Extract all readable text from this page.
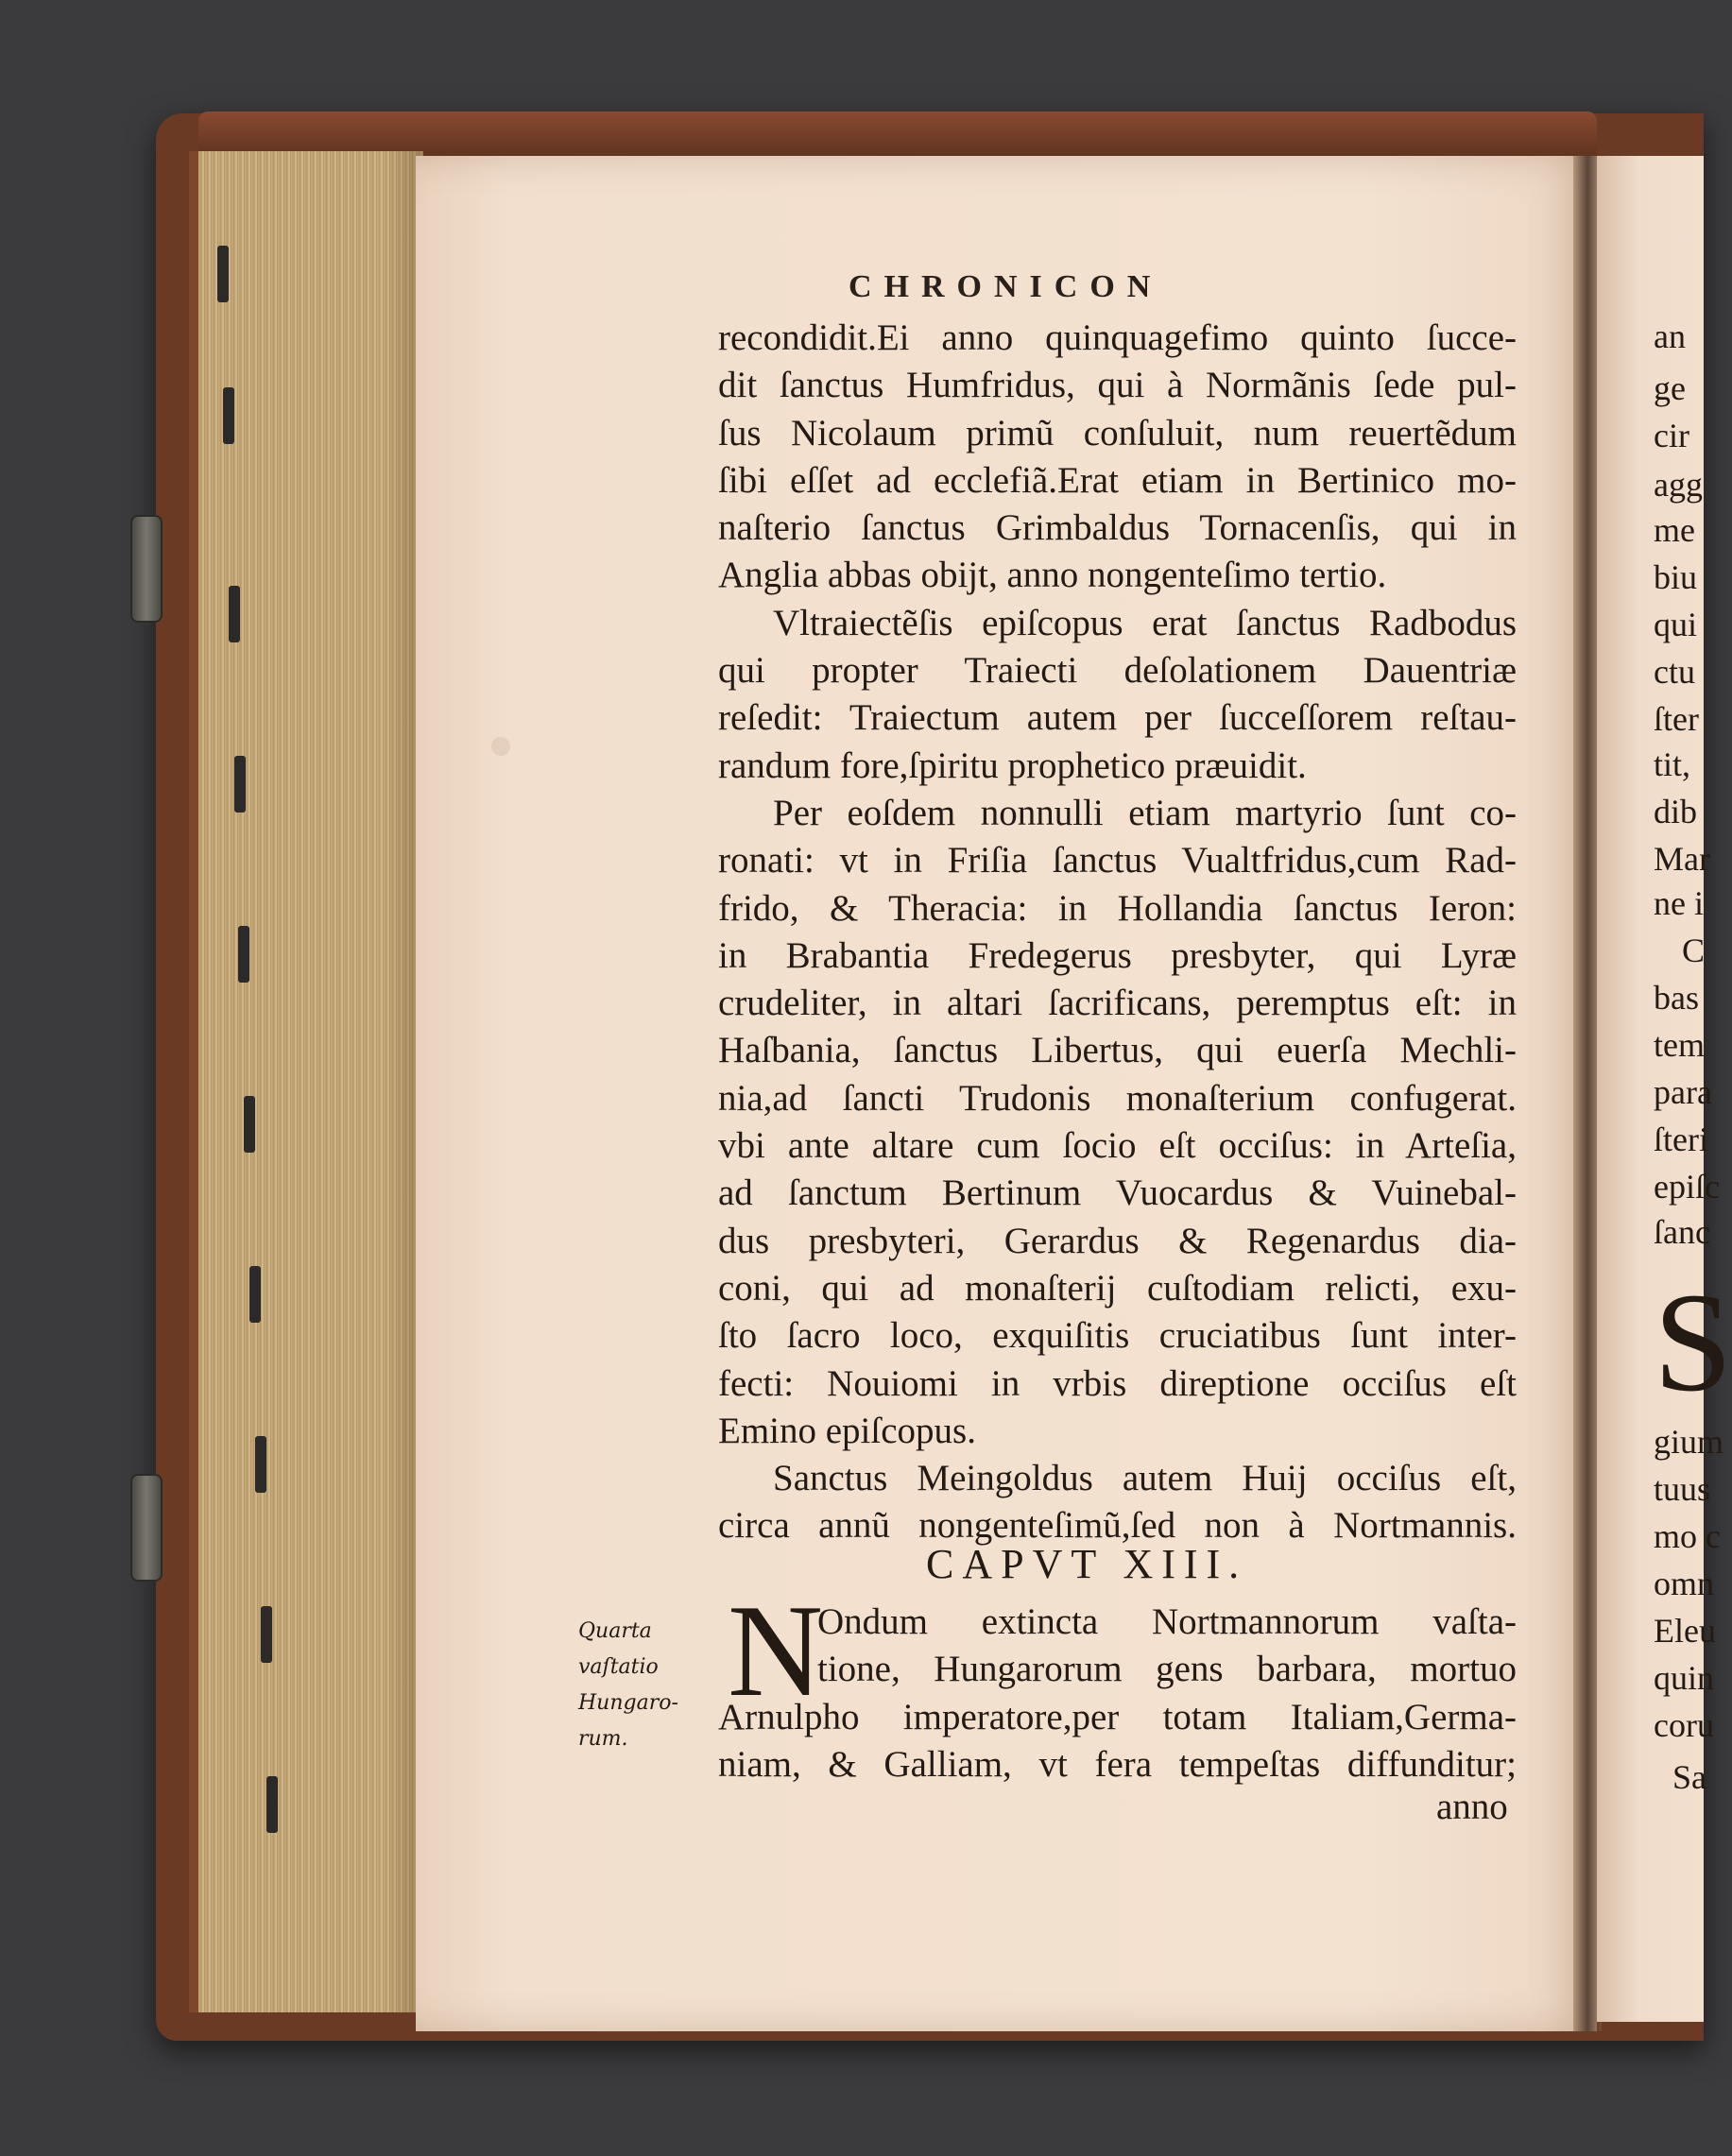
CHRONICON
recondidit.Ei anno quinquagefimo quinto ſucce-
dit ſanctus Humfridus, qui à Normãnis ſede pul-
ſus Nicolaum primũ conſuluit, num reuertẽdum
ſibi eſſet ad ecclefiã.Erat etiam in Bertinico mo-
naſterio ſanctus Grimbaldus Tornacenſis, qui in
Anglia abbas obijt, anno nongenteſimo tertio.
Vltraiectẽſis epiſcopus erat ſanctus Radbodus
qui propter Traiecti deſolationem Dauentriæ
reſedit: Traiectum autem per ſucceſſorem reſtau-
randum fore,ſpiritu prophetico præuidit.
Per eoſdem nonnulli etiam martyrio ſunt co-
ronati: vt in Friſia ſanctus Vualtfridus,cum Rad-
frido, & Theracia: in Hollandia ſanctus Ieron:
in Brabantia Fredegerus presbyter, qui Lyræ
crudeliter, in altari ſacrificans, peremptus eſt: in
Haſbania, ſanctus Libertus, qui euerſa Mechli-
nia,ad ſancti Trudonis monaſterium confugerat.
vbi ante altare cum ſocio eſt occiſus: in Arteſia,
ad ſanctum Bertinum Vuocardus & Vuinebal-
dus presbyteri, Gerardus & Regenardus dia-
coni, qui ad monaſterij cuſtodiam relicti, exu-
ſto ſacro loco, exquiſitis cruciatibus ſunt inter-
fecti: Nouiomi in vrbis direptione occiſus eſt
Emino epiſcopus.
Sanctus Meingoldus autem Huij occiſus eſt,
circa annũ nongenteſimũ,ſed non à Nortmannis.
CAPVT XIII.
Quarta
vaſtatio
Hungaro-
rum.
N
Ondum extincta Nortmannorum vaſta-
tione, Hungarorum gens barbara, mortuo
Arnulpho imperatore,per totam Italiam,Germa-
niam, & Galliam, vt fera tempeſtas diffunditur;
anno
an
ge
cir
agg
me
biu
qui
ctu
ſter
tit,
dib
Mar
ne i
C
bas
tem
para
ſteri
epiſc
ſanc
S
gium
tuus
mo c
omn
Eleu
quin
coru
Sa
